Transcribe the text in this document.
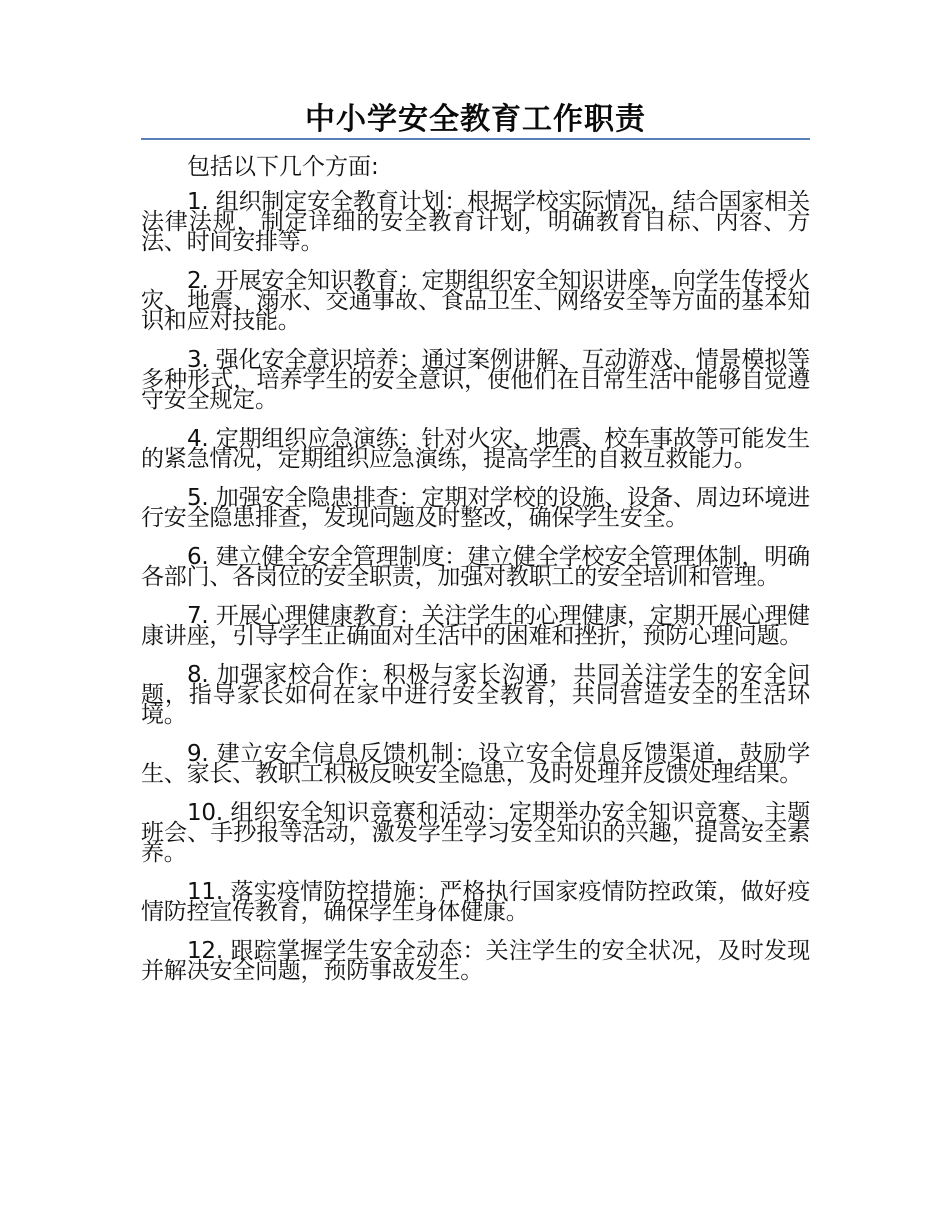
中小学安全教育工作职责

包括以下几个方面:

1. 组织制定安全教育计划：根据学校实际情况，结合国家相关法律法规，制定详细的安全教育计划，明确教育目标、内容、方法、时间安排等。

2. 开展安全知识教育：定期组织安全知识讲座，向学生传授火灾、地震、溺水、交通事故、食品卫生、网络安全等方面的基本知识和应对技能。

3. 强化安全意识培养：通过案例讲解、互动游戏、情景模拟等多种形式，培养学生的安全意识，使他们在日常生活中能够自觉遵守安全规定。

4. 定期组织应急演练：针对火灾、地震、校车事故等可能发生的紧急情况，定期组织应急演练，提高学生的自救互救能力。

5. 加强安全隐患排查：定期对学校的设施、设备、周边环境进行安全隐患排查，发现问题及时整改，确保学生安全。

6. 建立健全安全管理制度：建立健全学校安全管理体制，明确各部门、各岗位的安全职责，加强对教职工的安全培训和管理。

7. 开展心理健康教育：关注学生的心理健康，定期开展心理健康讲座，引导学生正确面对生活中的困难和挫折，预防心理问题。

8. 加强家校合作：积极与家长沟通，共同关注学生的安全问题，指导家长如何在家中进行安全教育，共同营造安全的生活环境。

9. 建立安全信息反馈机制：设立安全信息反馈渠道，鼓励学生、家长、教职工积极反映安全隐患，及时处理并反馈处理结果。

10. 组织安全知识竞赛和活动：定期举办安全知识竞赛、主题班会、手抄报等活动，激发学生学习安全知识的兴趣，提高安全素养。

11. 落实疫情防控措施：严格执行国家疫情防控政策，做好疫情防控宣传教育，确保学生身体健康。

12. 跟踪掌握学生安全动态：关注学生的安全状况，及时发现并解决安全问题，预防事故发生。
